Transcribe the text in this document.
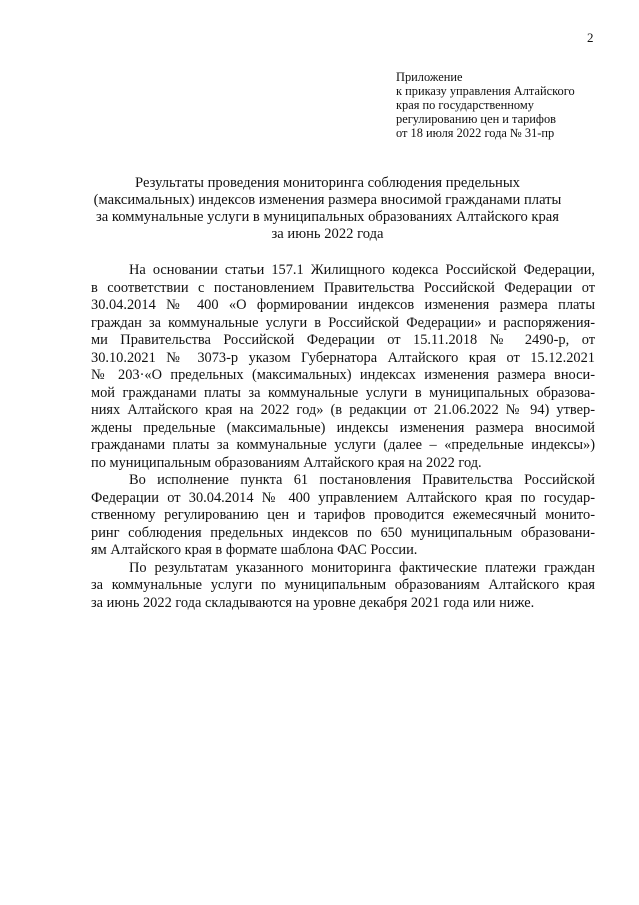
2
Приложение
к приказу управления Алтайского
края по государственному
регулированию цен и тарифов
от 18 июля 2022 года № 31-пр
Результаты проведения мониторинга соблюдения предельных
(максимальных) индексов изменения размера вносимой гражданами платы
за коммунальные услуги в муниципальных образованиях Алтайского края
за июнь 2022 года
На основании статьи 157.1 Жилищного кодекса Российской Федерации,
в соответствии с постановлением Правительства Российской Федерации от
30.04.2014 № 400 «О формировании индексов изменения размера платы
граждан за коммунальные услуги в Российской Федерации» и распоряжения-
ми Правительства Российской Федерации от 15.11.2018 № 2490-р, от
30.10.2021 № 3073-р указом Губернатора Алтайского края от 15.12.2021
№ 203·«О предельных (максимальных) индексах изменения размера вноси-
мой гражданами платы за коммунальные услуги в муниципальных образова-
ниях Алтайского края на 2022 год» (в редакции от 21.06.2022 № 94) утвер-
ждены предельные (максимальные) индексы изменения размера вносимой
гражданами платы за коммунальные услуги (далее – «предельные индексы»)
по муниципальным образованиям Алтайского края на 2022 год.
Во исполнение пункта 61 постановления Правительства Российской
Федерации от 30.04.2014 № 400 управлением Алтайского края по государ-
ственному регулированию цен и тарифов проводится ежемесячный монито-
ринг соблюдения предельных индексов по 650 муниципальным образовани-
ям Алтайского края в формате шаблона ФАС России.
По результатам указанного мониторинга фактические платежи граждан
за коммунальные услуги по муниципальным образованиям Алтайского края
за июнь 2022 года складываются на уровне декабря 2021 года или ниже.
